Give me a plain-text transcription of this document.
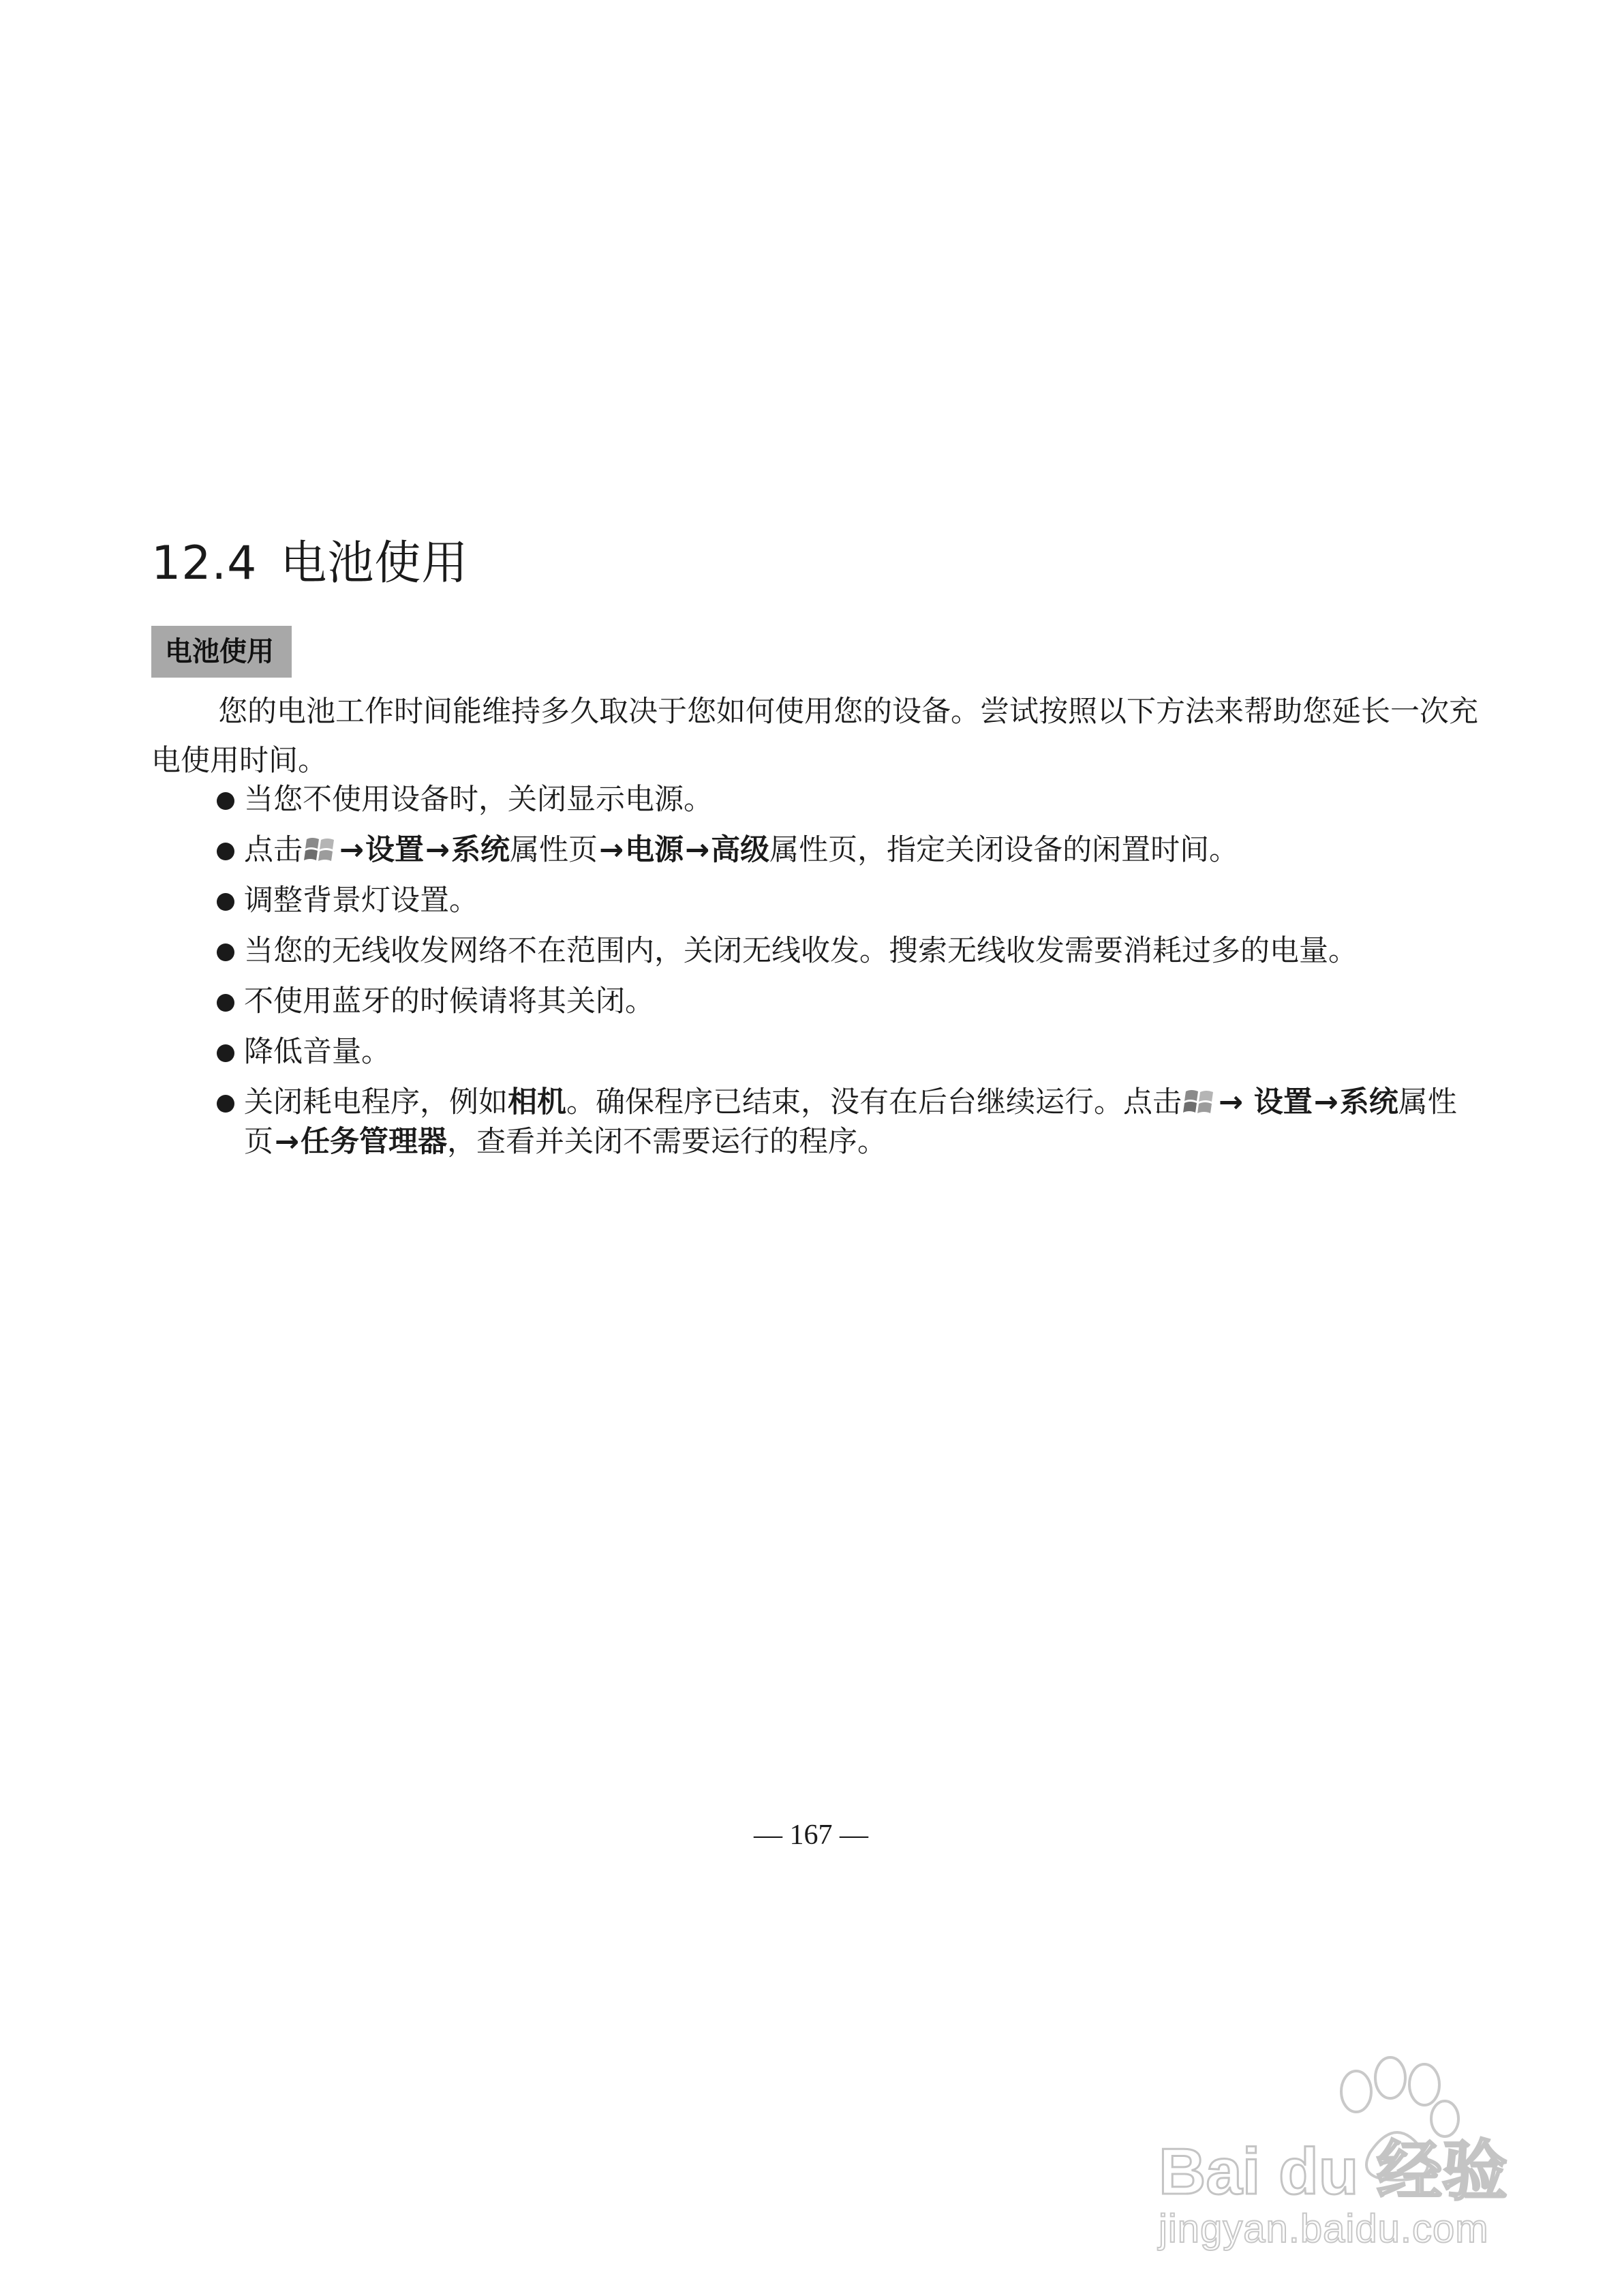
12.4 电池使用
电池使用

您的电池工作时间能维持多久取决于您如何使用您的设备。尝试按照以下方法来帮助您延长一次充电使用时间。

当您不使用设备时，关闭显示电源。
点击 →设置→系统属性页→电源→高级属性页，指定关闭设备的闲置时间。
调整背景灯设置。
当您的无线收发网络不在范围内，关闭无线收发。搜索无线收发需要消耗过多的电量。
不使用蓝牙的时候请将其关闭。
降低音量。
关闭耗电程序，例如相机。确保程序已结束，没有在后台继续运行。点击 → 设置→系统属性页→任务管理器，查看并关闭不需要运行的程序。
— 167 —
Bai du 经验
jingyan.baidu.com
